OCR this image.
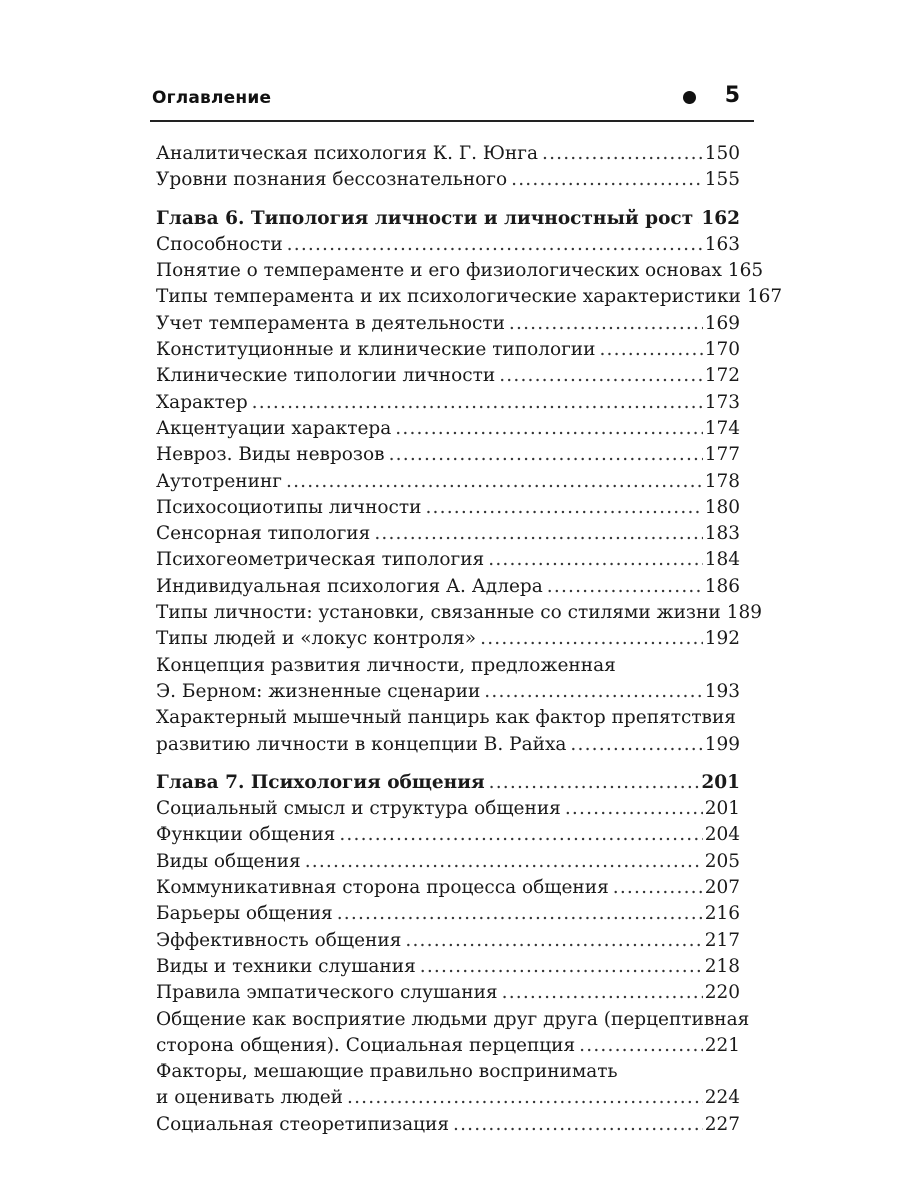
Оглавление	5
Аналитическая психология К. Г. Юнга .....	150
Уровни познания бессознательного .....	155
Глава 6. Типология личности и личностный рост ..... 162
Способности .....	163
Понятие о темпераменте и его физиологических основах 165
Типы темперамента и их психологические характеристики 167
Учет темперамента в деятельности .....	169
Конституционные и клинические типологии .....	170
Клинические типологии личности .....	172
Характер .....	173
Акцентуации характера .....	174
Невроз. Виды неврозов .....	177
Аутотренинг .....	178
Психосоциотипы личности .....	180
Сенсорная типология .....	183
Психогеометрическая типология .....	184
Индивидуальная психология А. Адлера .....	186
Типы личности: установки, связанные со стилями жизни 189
Типы людей и «локус контроля» .....	192
Концепция развития личности, предложенная
Э. Берном: жизненные сценарии .....	193
Характерный мышечный панцирь как фактор препятствия
развитию личности в концепции В. Райха .....	199
Глава 7. Психология общения .....	201
Социальный смысл и структура общения .....	201
Функции общения .....	204
Виды общения .....	205
Коммуникативная сторона процесса общения .....	207
Барьеры общения .....	216
Эффективность общения .....	217
Виды и техники слушания .....	218
Правила эмпатического слушания .....	220
Общение как восприятие людьми друг друга (перцептивная
сторона общения). Социальная перцепция .....	221
Факторы, мешающие правильно воспринимать
и оценивать людей .....	224
Социальная стеоретипизация .....	227
